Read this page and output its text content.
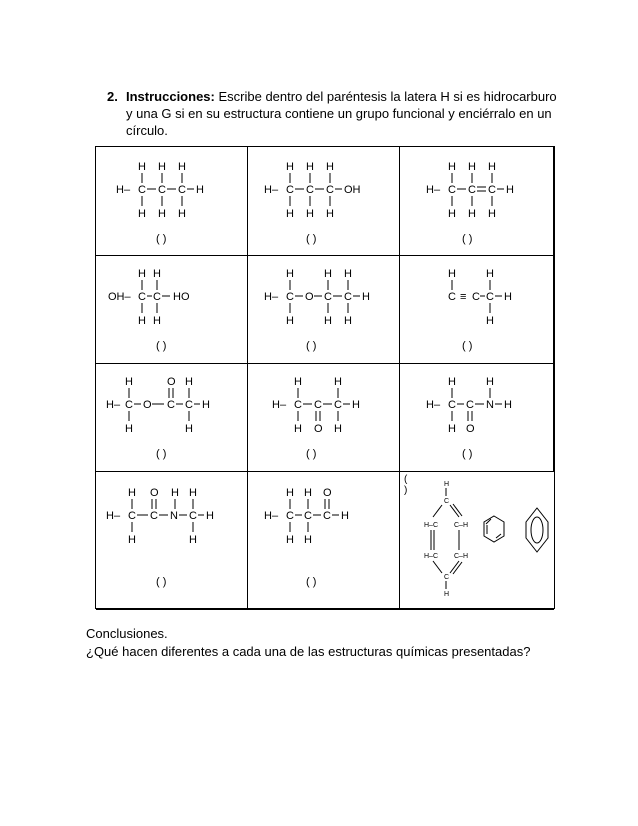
2. Instrucciones: Escribe dentro del paréntesis la latera H si es hidrocarburo y una G si en su estructura contiene un grupo funcional y enciérralo en un círculo.
H H H
H– C C C H
H H H
( )
H H H
H– C C C OH
H H H
( )
H H H
H– C C C H
H H H
( )
H H
OH– C C HO
H H
( )
H	H H
H– C O C C H
H	H H
( )
H	H
C ≡ C C H
H
( )
H	O H
H– C O C C H
H	H
( )
H	H
H– C C C H
H O H
( )
H	H
H– C C N H
H O
( )
H O H H
H– C C N C H
H	H
( )
H H O
H– C C C H
H H
( )
(
)
H
C
H–C C–H
H–C C–H
C
H
Conclusiones.
¿Qué hacen diferentes a cada una de las estructuras químicas presentadas?
